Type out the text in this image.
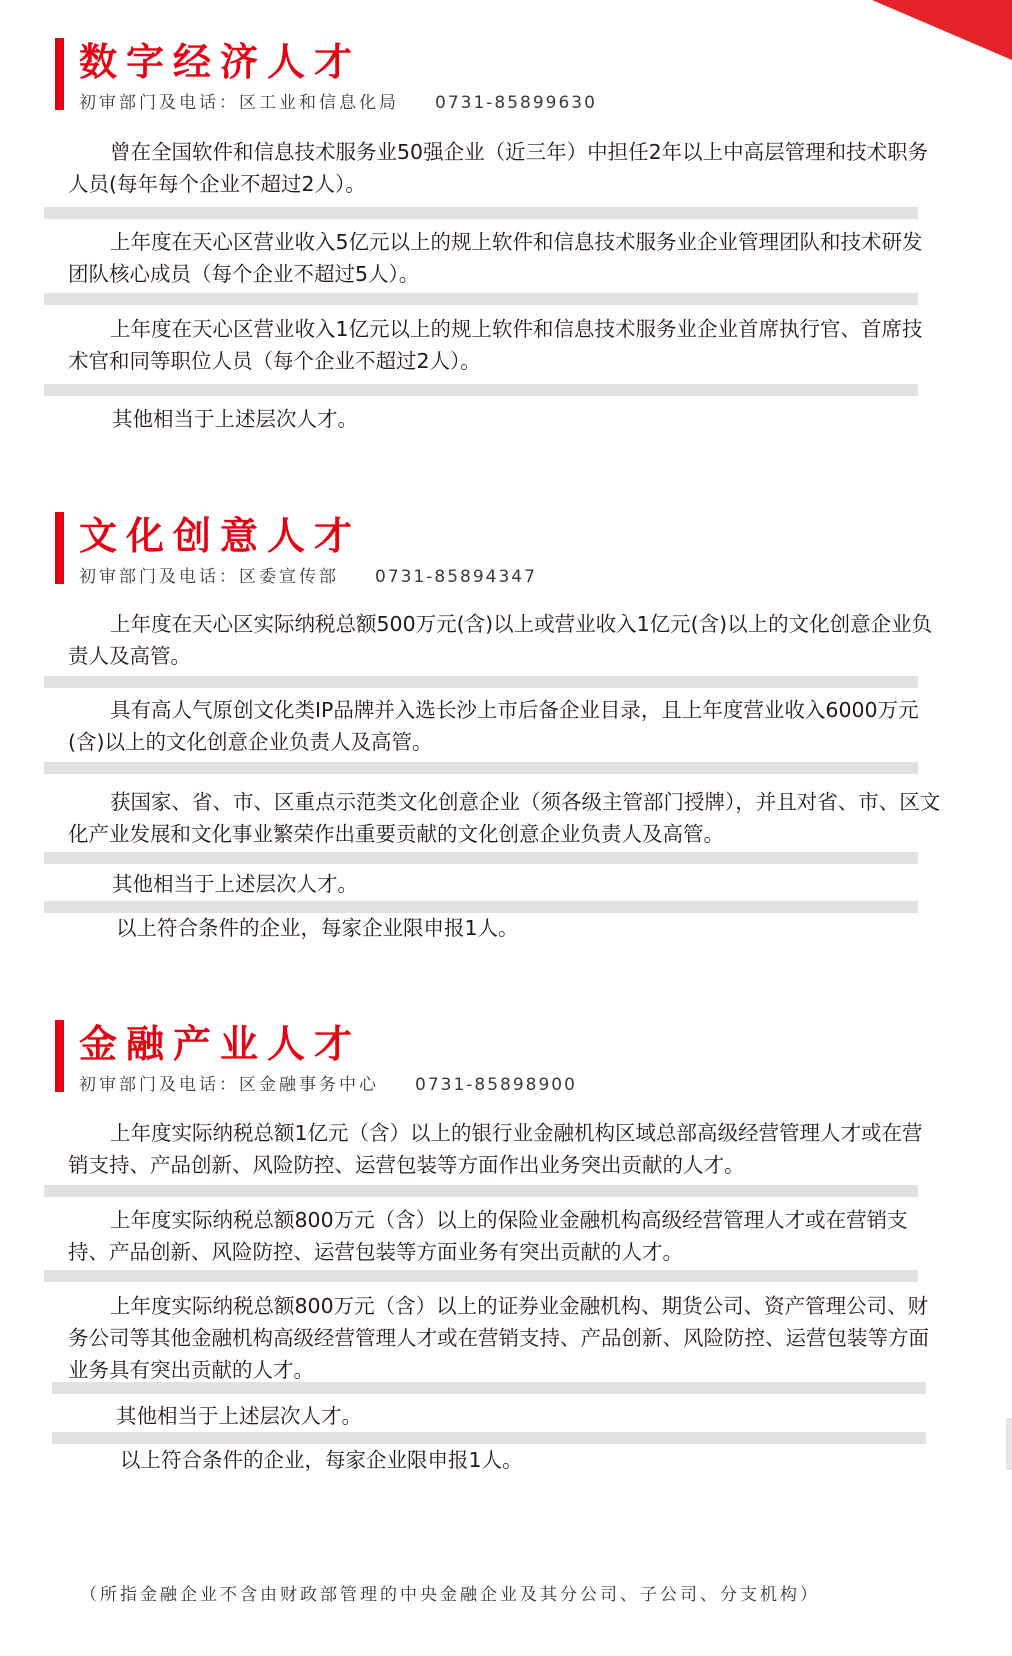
数字经济人才
初审部门及电话：区工业和信息化局 0731-85899630

曾在全国软件和信息技术服务业50强企业（近三年）中担任2年以上中高层管理和技术职务人员(每年每个企业不超过2人）。

上年度在天心区营业收入5亿元以上的规上软件和信息技术服务业企业管理团队和技术研发团队核心成员（每个企业不超过5人）。

上年度在天心区营业收入1亿元以上的规上软件和信息技术服务业企业首席执行官、首席技术官和同等职位人员（每个企业不超过2人）。

其他相当于上述层次人才。

文化创意人才
初审部门及电话：区委宣传部 0731-85894347

上年度在天心区实际纳税总额500万元(含)以上或营业收入1亿元(含)以上的文化创意企业负责人及高管。

具有高人气原创文化类IP品牌并入选长沙上市后备企业目录，且上年度营业收入6000万元(含)以上的文化创意企业负责人及高管。

获国家、省、市、区重点示范类文化创意企业（须各级主管部门授牌），并且对省、市、区文化产业发展和文化事业繁荣作出重要贡献的文化创意企业负责人及高管。

其他相当于上述层次人才。

以上符合条件的企业，每家企业限申报1人。

金融产业人才
初审部门及电话：区金融事务中心 0731-85898900

上年度实际纳税总额1亿元（含）以上的银行业金融机构区域总部高级经营管理人才或在营销支持、产品创新、风险防控、运营包装等方面作出业务突出贡献的人才。

上年度实际纳税总额800万元（含）以上的保险业金融机构高级经营管理人才或在营销支持、产品创新、风险防控、运营包装等方面业务有突出贡献的人才。

上年度实际纳税总额800万元（含）以上的证券业金融机构、期货公司、资产管理公司、财务公司等其他金融机构高级经营管理人才或在营销支持、产品创新、风险防控、运营包装等方面业务具有突出贡献的人才。

其他相当于上述层次人才。

以上符合条件的企业，每家企业限申报1人。

（所指金融企业不含由财政部管理的中央金融企业及其分公司、子公司、分支机构）
